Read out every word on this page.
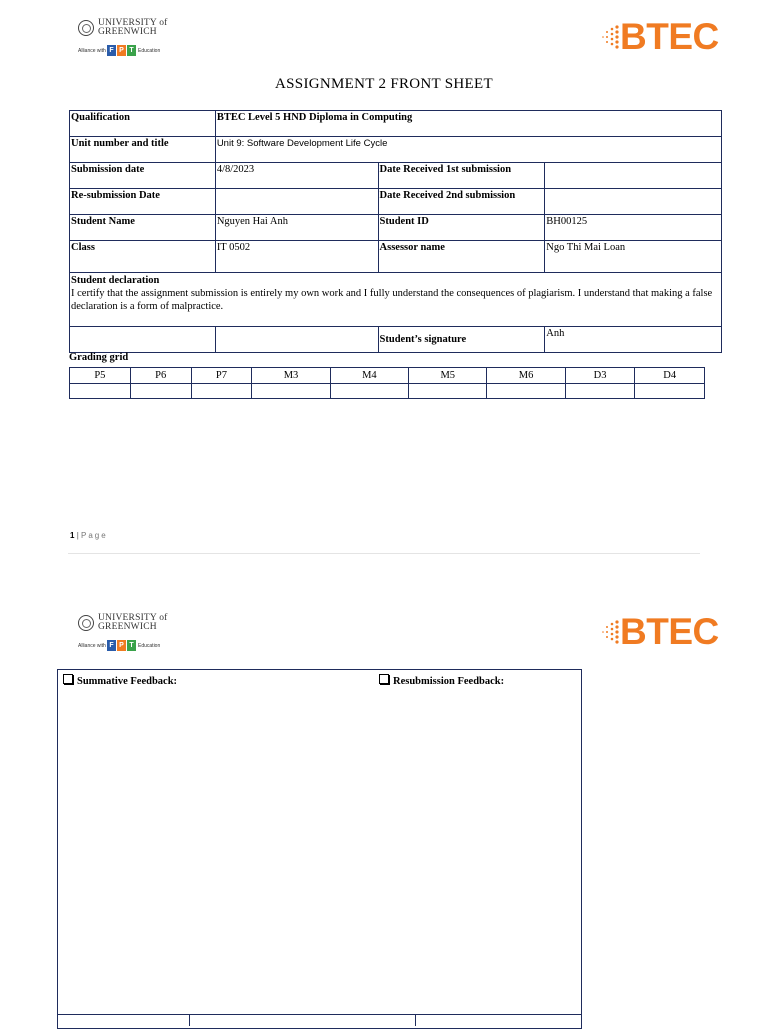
UNIVERSITY of
GREENWICH
Alliance with F P T Education	BTEC
ASSIGNMENT 2 FRONT SHEET
Qualification	BTEC Level 5 HND Diploma in Computing		
Unit number and title	Unit 9: Software Development Life Cycle		
Submission date	4/8/2023	Date Received 1st submission	
Re-submission Date		Date Received 2nd submission	
Student Name	Nguyen Hai Anh	Student ID	BH00125
Class	IT 0502	Assessor name	Ngo Thi Mai Loan

Student declaration
I certify that the assignment submission is entirely my own work and I fully understand the consequences of plagiarism. I understand that making a false declaration is a form of malpractice.			

		Student’s signature	Anh
Grading grid
P5	P6	P7	M3	M4	M5	M6	D3	D4

1 | Page
UNIVERSITY of
GREENWICH
Alliance with F P T Education	BTEC
Summative Feedback:	Resubmission Feedback:
